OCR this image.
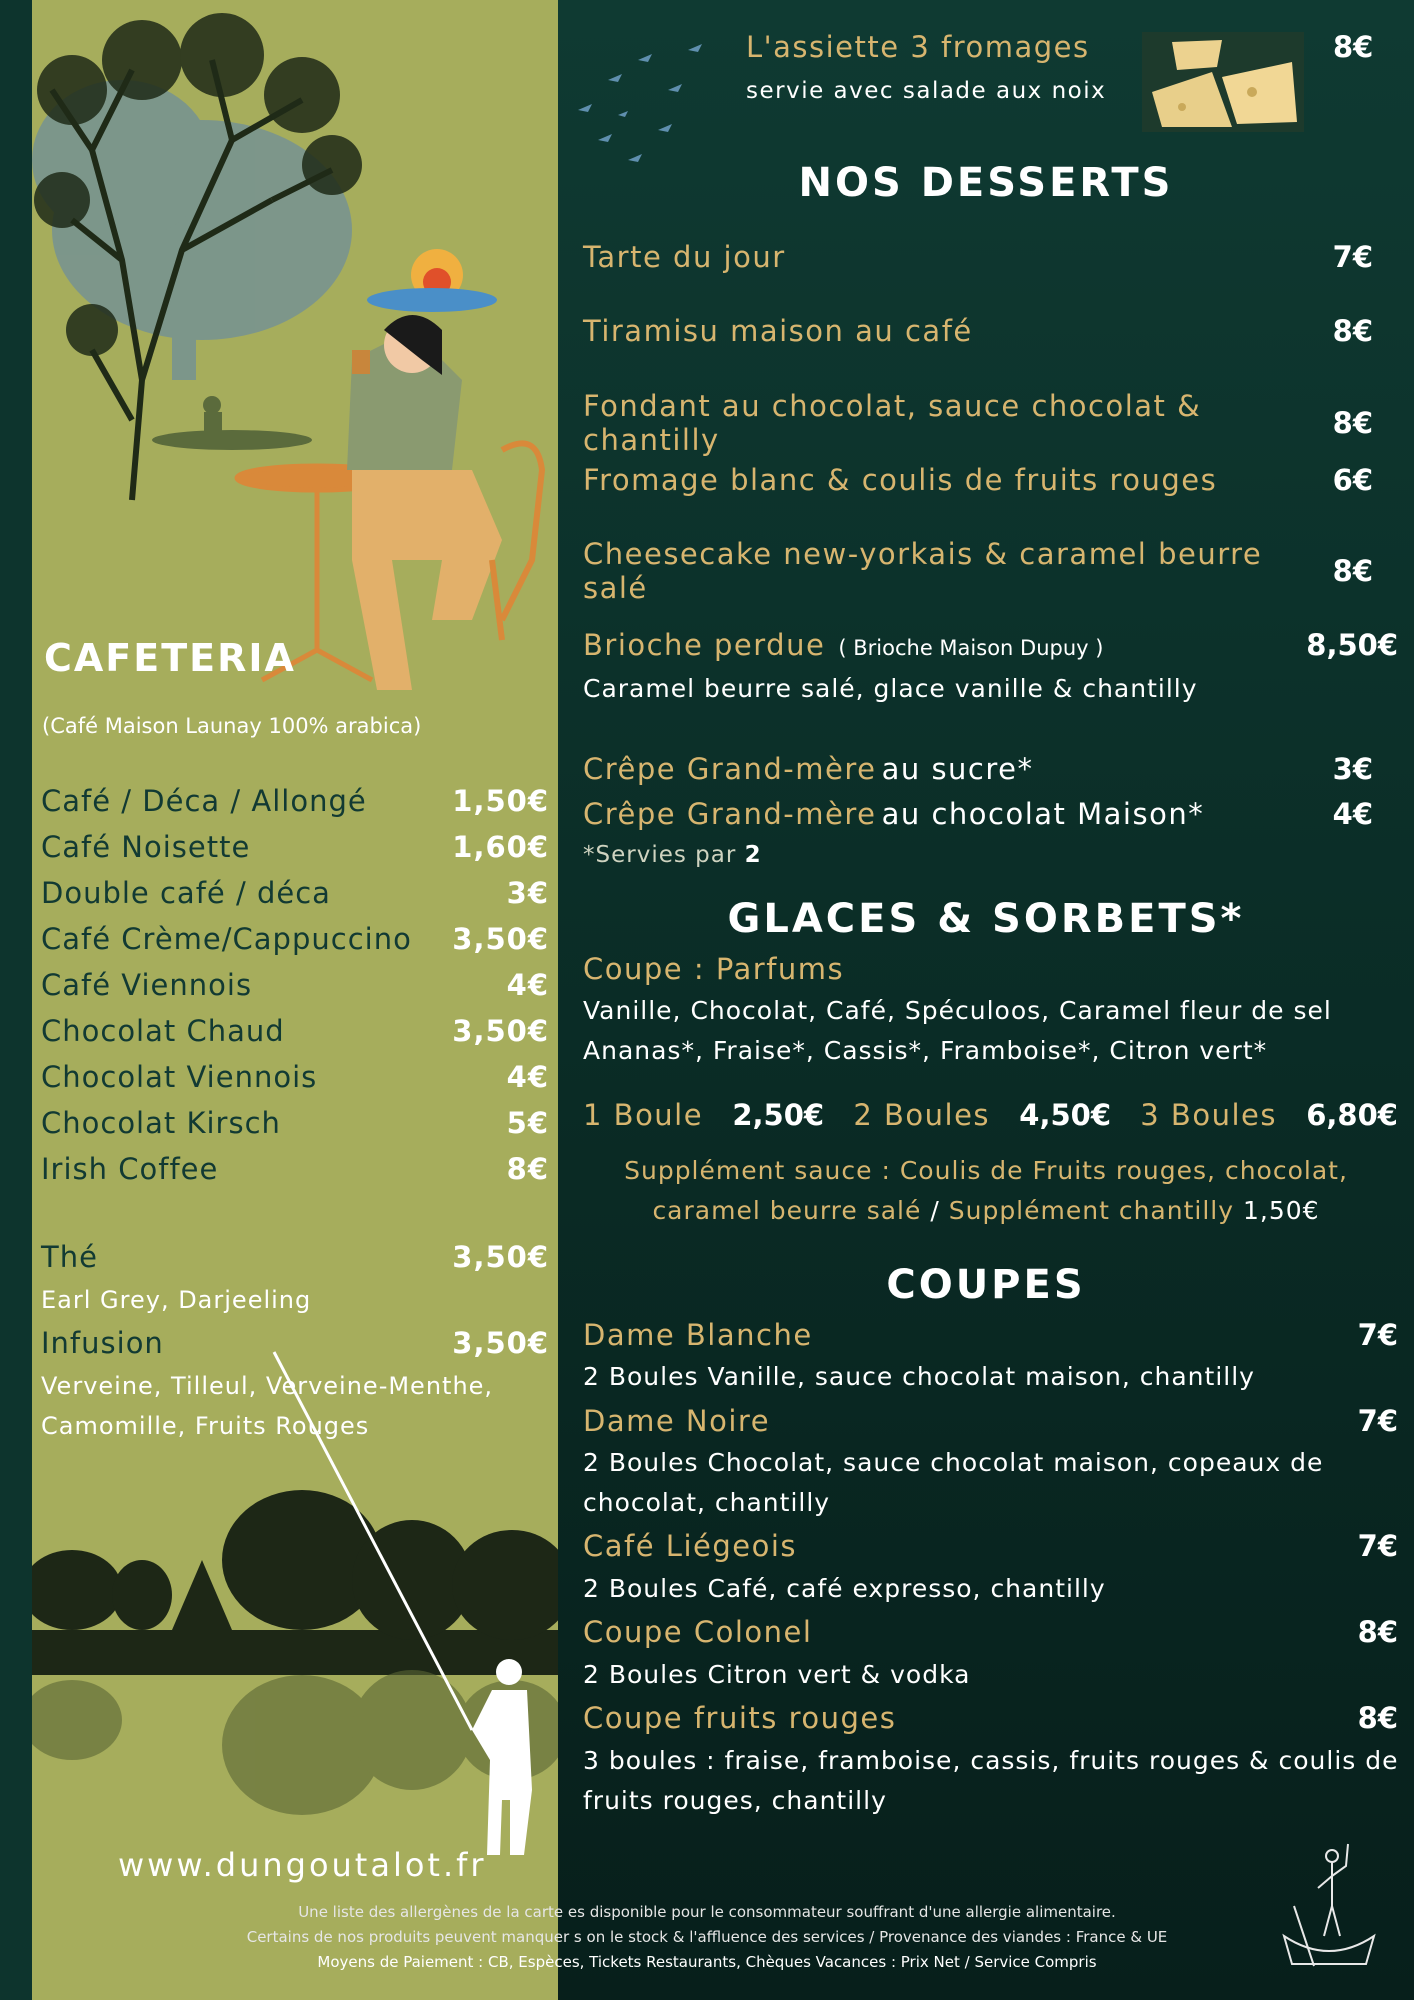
CAFETERIA
(Café Maison Launay 100% arabica)
Café / Déca / Allongé	1,50€
Café Noisette	1,60€
Double café / déca	3€
Café Crème/Cappuccino 3,50€
Café Viennois	4€
Chocolat Chaud	3,50€
Chocolat Viennois	4€
Chocolat Kirsch	5€
Irish Coffee	8€
Thé	3,50€
Earl Grey, Darjeeling
Infusion	3,50€
Verveine, Tilleul, Verveine-Menthe,
Camomille, Fruits Rouges
www.dungoutalot.fr
L'assiette 3 fromages
servie avec salade aux noix
8€
NOS DESSERTS
Tarte du jour	7€
Tiramisu maison au café	8€
Fondant au chocolat, sauce chocolat & chantilly	8€
Fromage blanc & coulis de fruits rouges	6€
Cheesecake new-yorkais & caramel beurre salé	8€
Brioche perdue ( Brioche Maison Dupuy )	8,50€
Caramel beurre salé, glace vanille & chantilly
Crêpe Grand-mère au sucre*	3€
Crêpe Grand-mère au chocolat Maison*	4€
*Servies par 2
GLACES & SORBETS*
Coupe : Parfums
Vanille, Chocolat, Café, Spéculoos, Caramel fleur de sel
Ananas*, Fraise*, Cassis*, Framboise*, Citron vert*
1 Boule 2,50€ 2 Boules 4,50€ 3 Boules 6,80€
Supplément sauce : Coulis de Fruits rouges, chocolat,
caramel beurre salé / Supplément chantilly 1,50€
COUPES
Dame Blanche	7€
2 Boules Vanille, sauce chocolat maison, chantilly
Dame Noire	7€
2 Boules Chocolat, sauce chocolat maison, copeaux de
chocolat, chantilly
Café Liégeois	7€
2 Boules Café, café expresso, chantilly
Coupe Colonel	8€
2 Boules Citron vert & vodka
Coupe fruits rouges	8€
3 boules : fraise, framboise, cassis, fruits rouges & coulis de
fruits rouges, chantilly
Une liste des allergènes de la carte es disponible pour le consommateur souffrant d'une allergie alimentaire.
Certains de nos produits peuvent manquer s on le stock & l'affluence des services / Provenance des viandes : France & UE
Moyens de Paiement : CB, Espèces, Tickets Restaurants, Chèques Vacances : Prix Net / Service Compris
